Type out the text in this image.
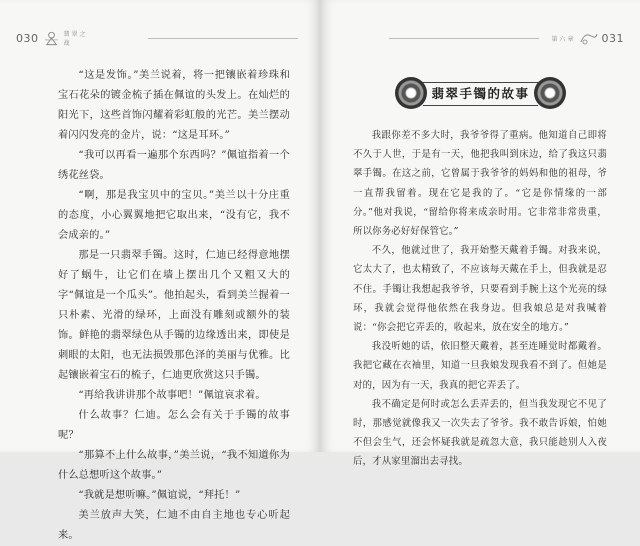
030	翡翠之战

“这是发饰。”美兰说着，将一把镶嵌着珍珠和宝石花朵的镀金梳子插在佩谊的头发上。在灿烂的阳光下，这些首饰闪耀着彩虹般的光芒。美兰摆动着闪闪发亮的金片，说：“这是耳环。”

“我可以再看一遍那个东西吗？”佩谊指着一个绣花丝袋。

“啊，那是我宝贝中的宝贝。”美兰以十分庄重的态度，小心翼翼地把它取出来，“没有它，我不会成亲的。”

那是一只翡翠手镯。这时，仁迪已经得意地摆好了蜗牛，让它们在墙上摆出几个又粗又大的字“佩谊是一个瓜头”。他拍起头，看到美兰握着一只朴素、光滑的绿环，上面没有雕刻或额外的装饰。鲜艳的翡翠绿色从手镯的边缘透出来，即使是刺眼的太阳，也无法损毁那色泽的美丽与优雅。比起镶嵌着宝石的梳子，仁迪更欣赏这只手镯。

“再给我讲讲那个故事吧！”佩谊哀求着。

什么故事？仁迪。怎么会有关于手镯的故事呢？

“那算不上什么故事，”美兰说，“我不知道你为什么总想听这个故事。”

“我就是想听嘛。”佩谊说，“拜托！”

美兰放声大笑，仁迪不由自主地也专心听起来。

第六章 031
翡翠手镯的故事

我跟你差不多大时，我爷爷得了重病。他知道自己即将不久于人世，于是有一天，他把我叫到床边，给了我这只翡翠手镯。在这之前，它曾属于我爷爷的妈妈和他的祖母，爷一直帮我留着。现在它是我的了。“它是你情缘的一部分。”他对我说，“留给你将来成亲时用。它非常非常贵重，所以你务必好好保管它。”

不久，他就过世了，我开始整天戴着手镯。对我来说，它太大了，也太精致了，不应该每天戴在手上，但我就是忍不住。手镯让我想起我爷爷，只要看到手腕上这个光亮的绿环，我就会觉得他依然在我身边。但我娘总是对我喊着说：“你会把它弄丢的，收起来，放在安全的地方。”

我没听她的话，依旧整天戴着，甚至连睡觉时都戴着。我把它藏在衣袖里，知道一旦我娘发现我看不到了。但她是对的，因为有一天，我真的把它弄丢了。

我不确定是何时或怎么丢弄丢的，但当我发现它不见了时，那感觉就像我又一次失去了爷爷。我不敢告诉娘，怕她不但会生气，还会怀疑我就是疏忽大意，我只能趁别人入夜后，才从家里溜出去寻找。
